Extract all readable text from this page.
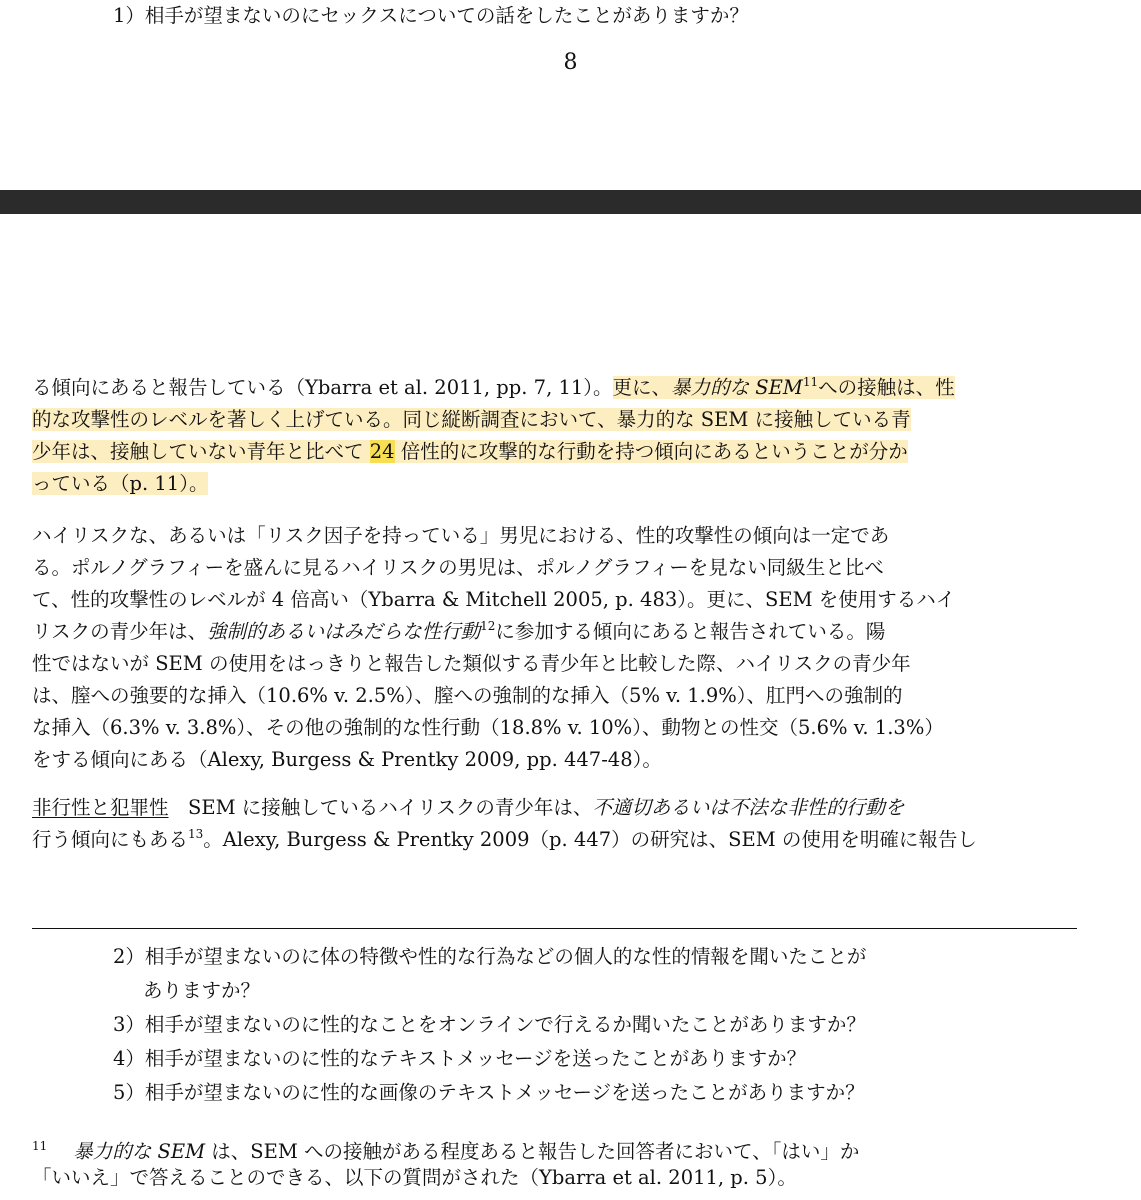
1）相手が望まないのにセックスについての話をしたことがありますか？
8
る傾向にあると報告している（Ybarra et al. 2011, pp. 7, 11）。更に、暴力的な SEM$^{11}$への接触は、性
的な攻撃性のレベルを著しく上げている。同じ縦断調査において、暴力的な SEM に接触している青
少年は、接触していない青年と比べて 24 倍性的に攻撃的な行動を持つ傾向にあるということが分か
っている（p. 11）。
ハイリスクな、あるいは「リスク因子を持っている」男児における、性的攻撃性の傾向は一定であ
る。ポルノグラフィーを盛んに見るハイリスクの男児は、ポルノグラフィーを見ない同級生と比べ
て、性的攻撃性のレベルが 4 倍高い（Ybarra & Mitchell 2005, p. 483）。更に、SEM を使用するハイ
リスクの青少年は、強制的あるいはみだらな性行動$^{12}$に参加する傾向にあると報告されている。陽
性ではないが SEM の使用をはっきりと報告した類似する青少年と比較した際、ハイリスクの青少年
は、膣への強要的な挿入（10.6% v. 2.5%）、膣への強制的な挿入（5% v. 1.9%）、肛門への強制的
な挿入（6.3% v. 3.8%）、その他の強制的な性行動（18.8% v. 10%）、動物との性交（5.6% v. 1.3%）
をする傾向にある（Alexy, Burgess & Prentky 2009, pp. 447-48）。
非行性と犯罪性　SEM に接触しているハイリスクの青少年は、不適切あるいは不法な非性的行動を
行う傾向にもある$^{13}$。Alexy, Burgess & Prentky 2009（p. 447）の研究は、SEM の使用を明確に報告し
2）相手が望まないのに体の特徴や性的な行為などの個人的な性的情報を聞いたことが
ありますか？
3）相手が望まないのに性的なことをオンラインで行えるか聞いたことがありますか？
4）相手が望まないのに性的なテキストメッセージを送ったことがありますか？
5）相手が望まないのに性的な画像のテキストメッセージを送ったことがありますか？
$^{11}$ 暴力的な SEM は、SEM への接触がある程度あると報告した回答者において、「はい」か
「いいえ」で答えることのできる、以下の質問がされた（Ybarra et al. 2011, p. 5）。
